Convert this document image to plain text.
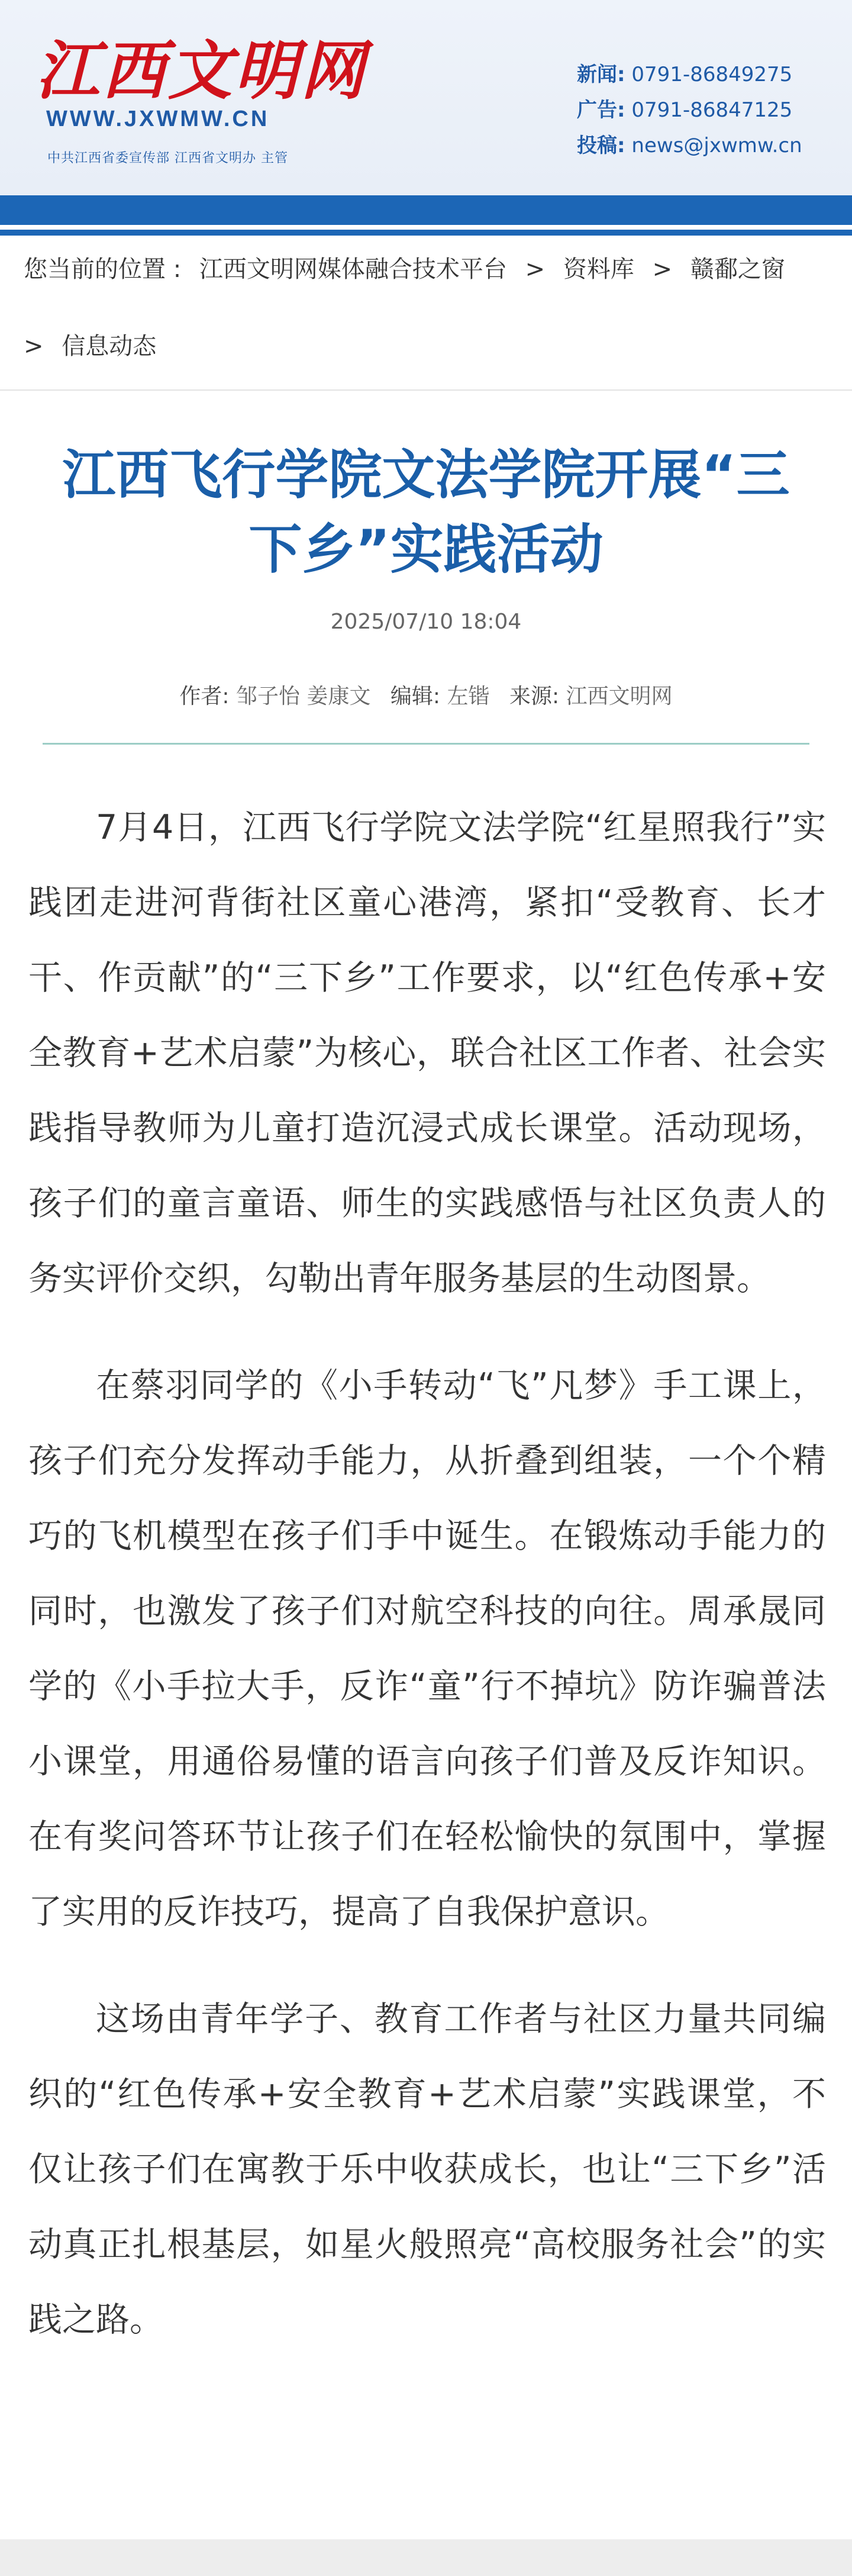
江西文明网
WWW.JXWMW.CN
中共江西省委宣传部 江西省文明办 主管
新闻: 0791-86849275
广告: 0791-86847125
投稿: news@jxwmw.cn
您当前的位置 : 江西文明网媒体融合技术平台 > 资料库 > 赣鄱之窗
> 信息动态
江西飞行学院文法学院开展“三下乡”实践活动
2025/07/10 18:04
作者: 邹子怡 姜康文 编辑: 左锴 来源: 江西文明网

7月4日，江西飞行学院文法学院“红星照我行”实践团走进河背街社区童心港湾，紧扣“受教育、长才干、作贡献”的“三下乡”工作要求，以“红色传承+安全教育+艺术启蒙”为核心，联合社区工作者、社会实践指导教师为儿童打造沉浸式成长课堂。活动现场，孩子们的童言童语、师生的实践感悟与社区负责人的务实评价交织，勾勒出青年服务基层的生动图景。

在蔡羽同学的《小手转动“飞”凡梦》手工课上，孩子们充分发挥动手能力，从折叠到组装，一个个精巧的飞机模型在孩子们手中诞生。在锻炼动手能力的同时，也激发了孩子们对航空科技的向往。周承晟同学的《小手拉大手，反诈“童”行不掉坑》防诈骗普法小课堂，用通俗易懂的语言向孩子们普及反诈知识。在有奖问答环节让孩子们在轻松愉快的氛围中，掌握了实用的反诈技巧，提高了自我保护意识。

这场由青年学子、教育工作者与社区力量共同编织的“红色传承+安全教育+艺术启蒙”实践课堂，不仅让孩子们在寓教于乐中收获成长，也让“三下乡”活动真正扎根基层，如星火般照亮“高校服务社会”的实践之路。
